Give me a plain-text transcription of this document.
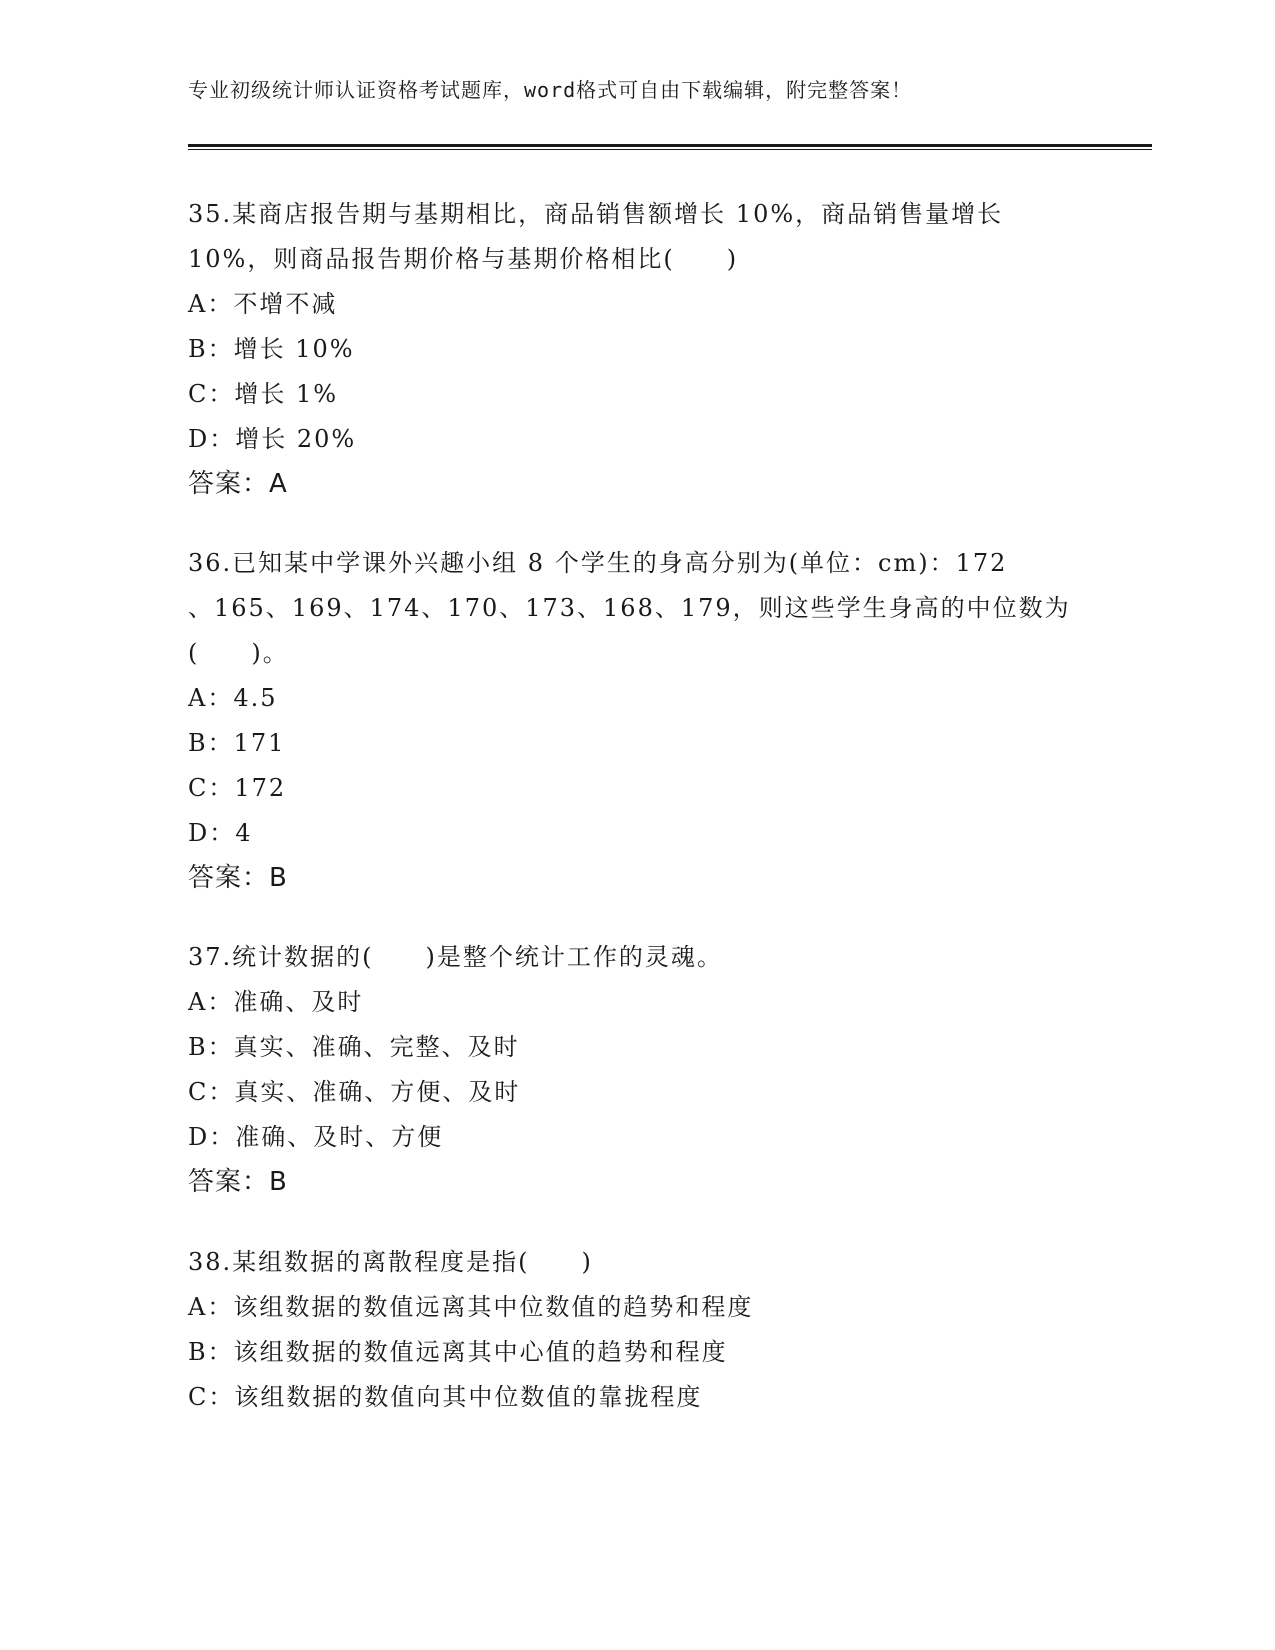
专业初级统计师认证资格考试题库，word格式可自由下载编辑，附完整答案！
35.某商店报告期与基期相比，商品销售额增长 10%，商品销售量增长
10%，则商品报告期价格与基期价格相比(　　)
A：不增不减
B：增长 10%
C：增长 1%
D：增长 20%
答案：A
36.已知某中学课外兴趣小组 8 个学生的身高分别为(单位：cm)：172
、165、169、174、170、173、168、179，则这些学生身高的中位数为
(　　)。
A：4.5
B：171
C：172
D：4
答案：B
37.统计数据的(　　)是整个统计工作的灵魂。
A：准确、及时
B：真实、准确、完整、及时
C：真实、准确、方便、及时
D：准确、及时、方便
答案：B
38.某组数据的离散程度是指(　　)
A：该组数据的数值远离其中位数值的趋势和程度
B：该组数据的数值远离其中心值的趋势和程度
C：该组数据的数值向其中位数值的靠拢程度
